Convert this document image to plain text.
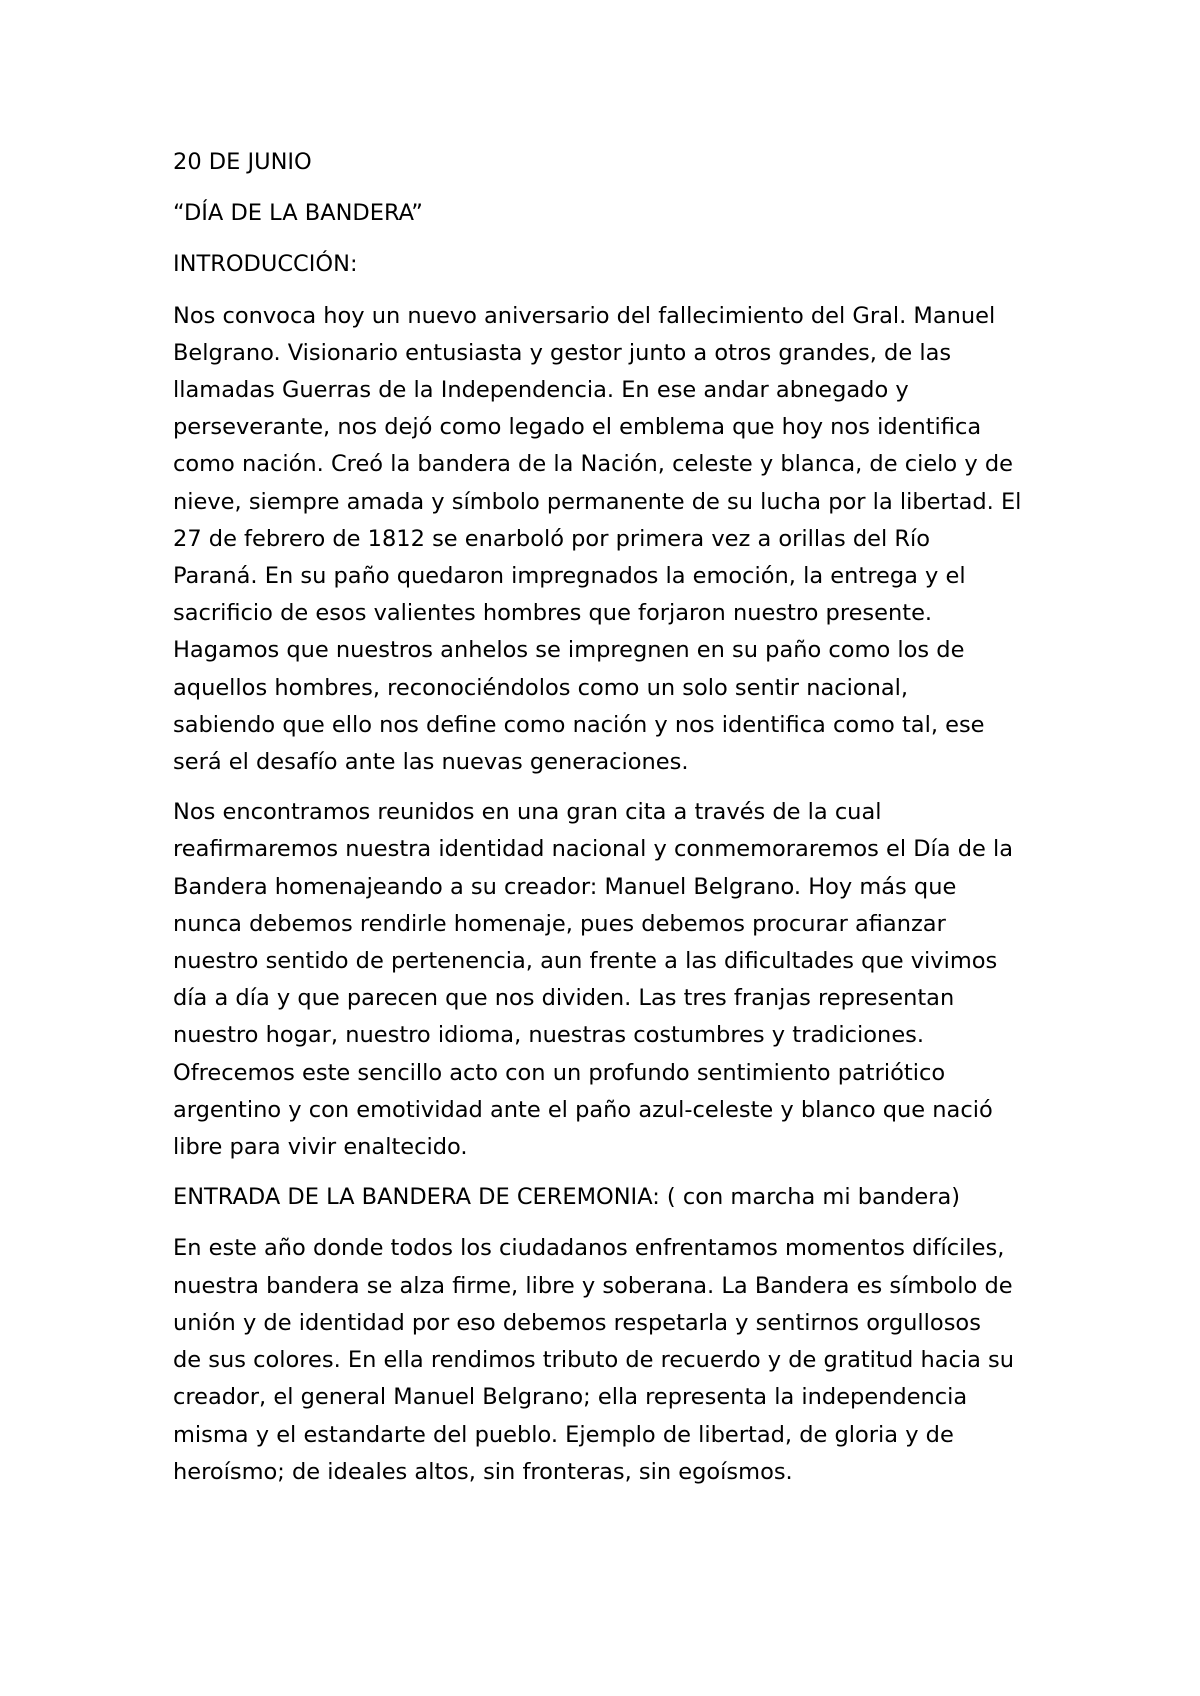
20 DE JUNIO

“DÍA DE LA BANDERA”

INTRODUCCIÓN:

Nos convoca hoy un nuevo aniversario del fallecimiento del Gral. Manuel
Belgrano. Visionario entusiasta y gestor junto a otros grandes, de las
llamadas Guerras de la Independencia. En ese andar abnegado y
perseverante, nos dejó como legado el emblema que hoy nos identifica
como nación. Creó la bandera de la Nación, celeste y blanca, de cielo y de
nieve, siempre amada y símbolo permanente de su lucha por la libertad. El
27 de febrero de 1812 se enarboló por primera vez a orillas del Río
Paraná. En su paño quedaron impregnados la emoción, la entrega y el
sacrificio de esos valientes hombres que forjaron nuestro presente.
Hagamos que nuestros anhelos se impregnen en su paño como los de
aquellos hombres, reconociéndolos como un solo sentir nacional,
sabiendo que ello nos define como nación y nos identifica como tal, ese
será el desafío ante las nuevas generaciones.

Nos encontramos reunidos en una gran cita a través de la cual
reafirmaremos nuestra identidad nacional y conmemoraremos el Día de la
Bandera homenajeando a su creador: Manuel Belgrano. Hoy más que
nunca debemos rendirle homenaje, pues debemos procurar afianzar
nuestro sentido de pertenencia, aun frente a las dificultades que vivimos
día a día y que parecen que nos dividen. Las tres franjas representan
nuestro hogar, nuestro idioma, nuestras costumbres y tradiciones.
Ofrecemos este sencillo acto con un profundo sentimiento patriótico
argentino y con emotividad ante el paño azul-celeste y blanco que nació
libre para vivir enaltecido.

ENTRADA DE LA BANDERA DE CEREMONIA: ( con marcha mi bandera)

En este año donde todos los ciudadanos enfrentamos momentos difíciles,
nuestra bandera se alza firme, libre y soberana. La Bandera es símbolo de
unión y de identidad por eso debemos respetarla y sentirnos orgullosos
de sus colores. En ella rendimos tributo de recuerdo y de gratitud hacia su
creador, el general Manuel Belgrano; ella representa la independencia
misma y el estandarte del pueblo. Ejemplo de libertad, de gloria y de
heroísmo; de ideales altos, sin fronteras, sin egoísmos.
